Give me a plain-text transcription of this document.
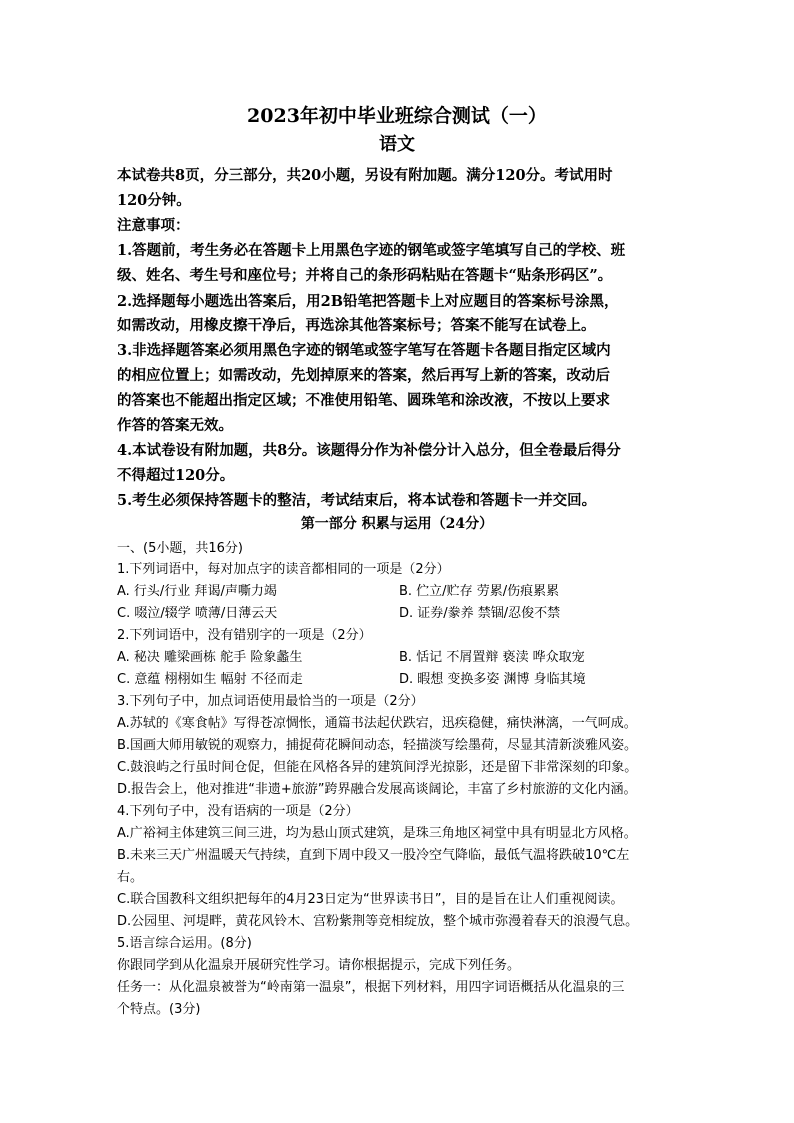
2023年初中毕业班综合测试（一）
语文
本试卷共8页，分三部分，共20小题，另设有附加题。满分120分。考试用时
120分钟。
注意事项：
1.答题前，考生务必在答题卡上用黑色字迹的钢笔或签字笔填写自己的学校、班
级、姓名、考生号和座位号；并将自己的条形码粘贴在答题卡“贴条形码区”。
2.选择题每小题选出答案后，用2B铅笔把答题卡上对应题目的答案标号涂黑，
如需改动，用橡皮擦干净后，再选涂其他答案标号；答案不能写在试卷上。
3.非选择题答案必须用黑色字迹的钢笔或签字笔写在答题卡各题目指定区域内
的相应位置上；如需改动，先划掉原来的答案，然后再写上新的答案，改动后
的答案也不能超出指定区域；不准使用铅笔、圆珠笔和涂改液，不按以上要求
作答的答案无效。
4.本试卷设有附加题，共8分。该题得分作为补偿分计入总分，但全卷最后得分
不得超过120分。
5.考生必须保持答题卡的整洁，考试结束后，将本试卷和答题卡一并交回。
第一部分 积累与运用（24分）
一、(5小题，共16分)
1.下列词语中，每对加点字的读音都相同的一项是（2分）
A. 行头/行业 拜谒/声嘶力竭	B. 伫立/贮存 劳累/伤痕累累
C. 啜泣/辍学 喷薄/日薄云天	D. 证券/豢养 禁锢/忍俊不禁
2.下列词语中，没有错别字的一项是（2分）
A. 秘决 雕梁画栋 舵手 险象蠡生	B. 恬记 不屑置辩 亵渎 哗众取宠
C. 意蕴 栩栩如生 幅射 不径而走	D. 暇想 变换多姿 渊博 身临其境
3.下列句子中，加点词语使用最恰当的一项是（2分）
A.苏轼的《寒食帖》写得苍凉惆怅，通篇书法起伏跌宕，迅疾稳健，痛快淋漓，一气呵成。
B.国画大师用敏锐的观察力，捕捉荷花瞬间动态，轻描淡写绘墨荷，尽显其清新淡雅风姿。
C.鼓浪屿之行虽时间仓促，但能在风格各异的建筑间浮光掠影，还是留下非常深刻的印象。
D.报告会上，他对推进“非遗+旅游”跨界融合发展高谈阔论，丰富了乡村旅游的文化内涵。
4.下列句子中，没有语病的一项是（2分）
A.广裕祠主体建筑三间三进，均为悬山顶式建筑，是珠三角地区祠堂中具有明显北方风格。
B.未来三天广州温暖天气持续，直到下周中段又一股冷空气降临，最低气温将跌破10℃左
右。
C.联合国教科文组织把每年的4月23日定为“世界读书日”，目的是旨在让人们重视阅读。
D.公园里、河堤畔，黄花风铃木、宫粉紫荆等竞相绽放，整个城市弥漫着春天的浪漫气息。
5.语言综合运用。(8分)
你跟同学到从化温泉开展研究性学习。请你根据提示，完成下列任务。
任务一：从化温泉被誉为“岭南第一温泉”，根据下列材料，用四字词语概括从化温泉的三
个特点。(3分)
